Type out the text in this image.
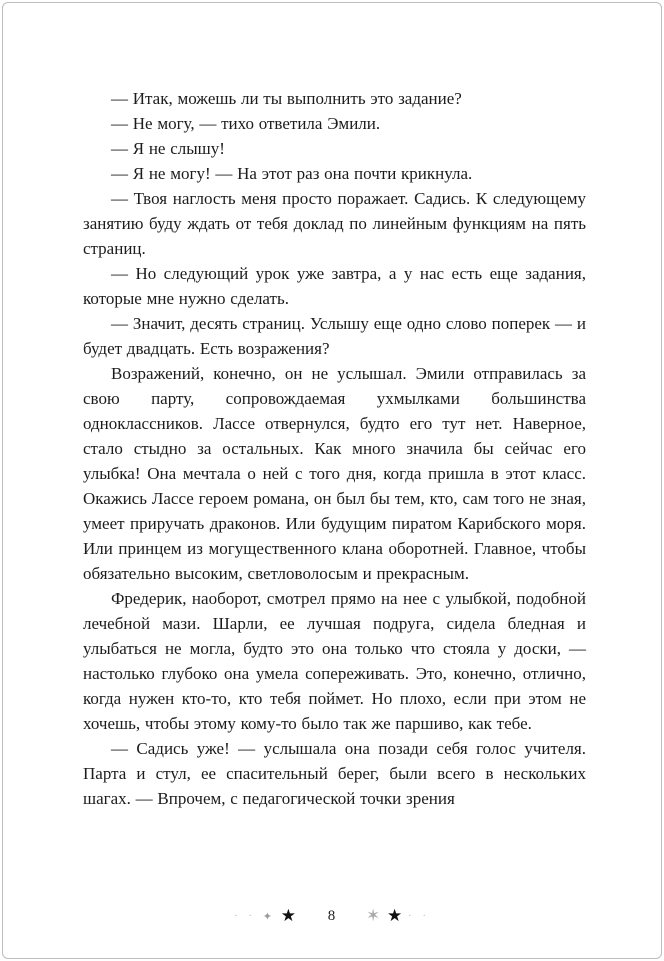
— Итак, можешь ли ты выполнить это задание?

— Не могу, — тихо ответила Эмили.

— Я не слышу!

— Я не могу! — На этот раз она почти крикнула.

— Твоя наглость меня просто поражает. Садись. К следующему занятию буду ждать от тебя доклад по линейным функциям на пять страниц.

— Но следующий урок уже завтра, а у нас есть еще задания, которые мне нужно сделать.

— Значит, десять страниц. Услышу еще одно слово поперек — и будет двадцать. Есть возражения?

Возражений, конечно, он не услышал. Эмили отправилась за свою парту, сопровождаемая ухмылками большинства одноклассников. Лассе отвернулся, будто его тут нет. Наверное, стало стыдно за остальных. Как много значила бы сейчас его улыбка! Она мечтала о ней с того дня, когда пришла в этот класс. Окажись Лассе героем романа, он был бы тем, кто, сам того не зная, умеет приручать драконов. Или будущим пиратом Карибского моря. Или принцем из могущественного клана оборотней. Главное, чтобы обязательно высоким, светловолосым и прекрасным.

Фредерик, наоборот, смотрел прямо на нее с улыбкой, подобной лечебной мази. Шарли, ее лучшая подруга, сидела бледная и улыбаться не могла, будто это она только что стояла у доски, — настолько глубоко она умела сопереживать. Это, конечно, отлично, когда нужен кто-то, кто тебя поймет. Но плохо, если при этом не хочешь, чтобы этому кому-то было так же паршиво, как тебе.

— Садись уже! — услышала она позади себя голос учителя. Парта и стул, ее спасительный берег, были всего в нескольких шагах. — Впрочем, с педагогической точки зрения

· · ✦ ★ 8 ✶ ★ · ·
